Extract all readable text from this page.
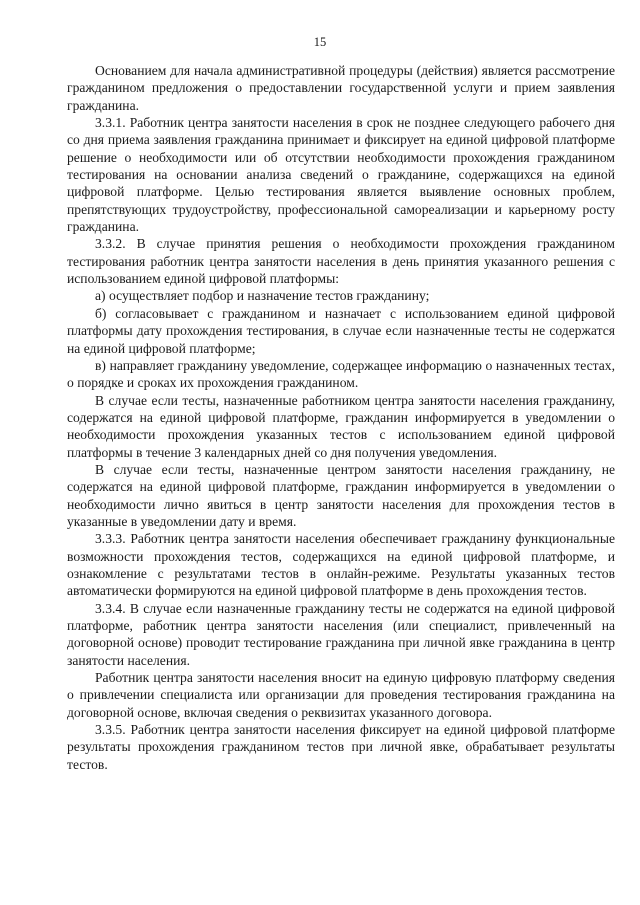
15

Основанием для начала административной процедуры (действия) является рассмотрение гражданином предложения о предоставлении государственной услуги и прием заявления гражданина.

3.3.1. Работник центра занятости населения в срок не позднее следующего рабочего дня со дня приема заявления гражданина принимает и фиксирует на единой цифровой платформе решение о необходимости или об отсутствии необходимости прохождения гражданином тестирования на основании анализа сведений о гражданине, содержащихся на единой цифровой платформе. Целью тестирования является выявление основных проблем, препятствующих трудоустройству, профессиональной самореализации и карьерному росту гражданина.

3.3.2. В случае принятия решения о необходимости прохождения гражданином тестирования работник центра занятости населения в день принятия указанного решения с использованием единой цифровой платформы:

а) осуществляет подбор и назначение тестов гражданину;

б) согласовывает с гражданином и назначает с использованием единой цифровой платформы дату прохождения тестирования, в случае если назначенные тесты не содержатся на единой цифровой платформе;

в) направляет гражданину уведомление, содержащее информацию о назначенных тестах, о порядке и сроках их прохождения гражданином.

В случае если тесты, назначенные работником центра занятости населения гражданину, содержатся на единой цифровой платформе, гражданин информируется в уведомлении о необходимости прохождения указанных тестов с использованием единой цифровой платформы в течение 3 календарных дней со дня получения уведомления.

В случае если тесты, назначенные центром занятости населения гражданину, не содержатся на единой цифровой платформе, гражданин информируется в уведомлении о необходимости лично явиться в центр занятости населения для прохождения тестов в указанные в уведомлении дату и время.

3.3.3. Работник центра занятости населения обеспечивает гражданину функциональные возможности прохождения тестов, содержащихся на единой цифровой платформе, и ознакомление с результатами тестов в онлайн-режиме. Результаты указанных тестов автоматически формируются на единой цифровой платформе в день прохождения тестов.

3.3.4. В случае если назначенные гражданину тесты не содержатся на единой цифровой платформе, работник центра занятости населения (или специалист, привлеченный на договорной основе) проводит тестирование гражданина при личной явке гражданина в центр занятости населения.

Работник центра занятости населения вносит на единую цифровую платформу сведения о привлечении специалиста или организации для проведения тестирования гражданина на договорной основе, включая сведения о реквизитах указанного договора.

3.3.5. Работник центра занятости населения фиксирует на единой цифровой платформе результаты прохождения гражданином тестов при личной явке, обрабатывает результаты тестов.
